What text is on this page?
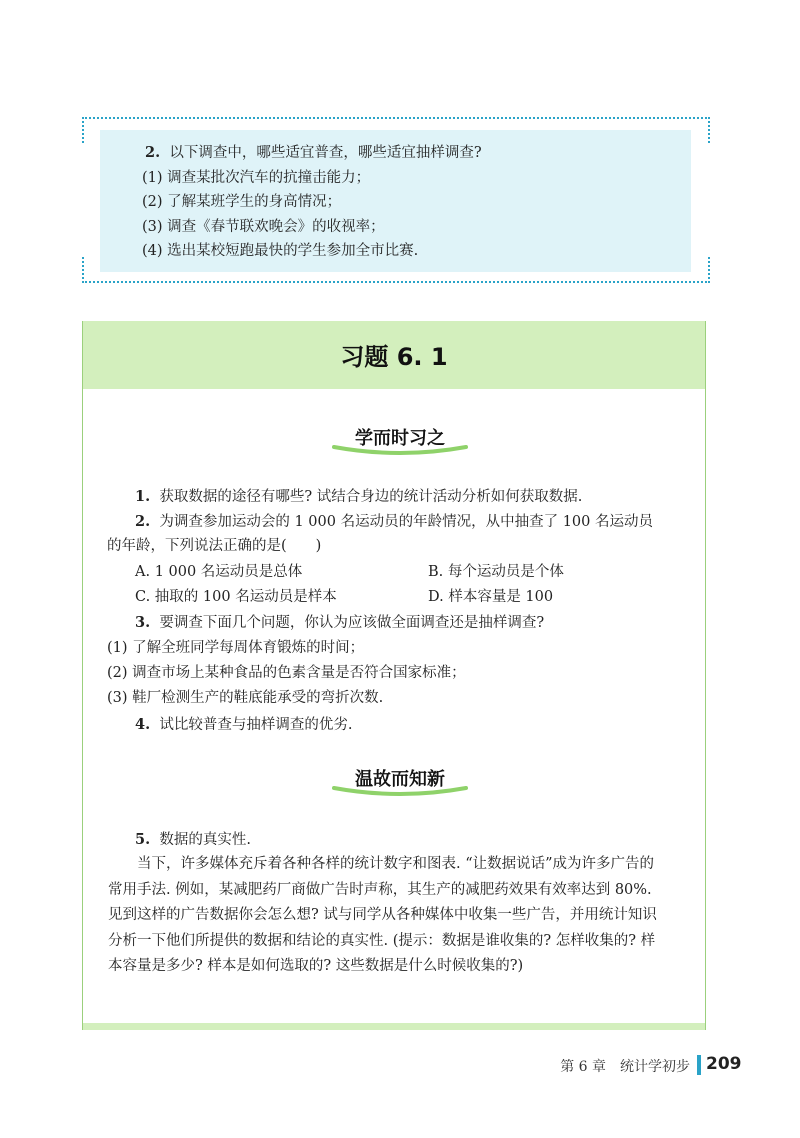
2. 以下调查中，哪些适宜普查，哪些适宜抽样调查?
(1) 调查某批次汽车的抗撞击能力；
(2) 了解某班学生的身高情况；
(3) 调查《春节联欢晚会》的收视率；
(4) 选出某校短跑最快的学生参加全市比赛.
习题 6. 1
学而时习之
1. 获取数据的途径有哪些? 试结合身边的统计活动分析如何获取数据.
2. 为调查参加运动会的 1 000 名运动员的年龄情况，从中抽查了 100 名运动员
的年龄，下列说法正确的是(　　)
A. 1 000 名运动员是总体	B. 每个运动员是个体
C. 抽取的 100 名运动员是样本	D. 样本容量是 100
3. 要调查下面几个问题，你认为应该做全面调查还是抽样调查?
(1) 了解全班同学每周体育锻炼的时间；
(2) 调查市场上某种食品的色素含量是否符合国家标准；
(3) 鞋厂检测生产的鞋底能承受的弯折次数.
4. 试比较普查与抽样调查的优劣.
温故而知新
5. 数据的真实性.

当下，许多媒体充斥着各种各样的统计数字和图表. “让数据说话”成为许多广告的常用手法. 例如，某减肥药厂商做广告时声称，其生产的减肥药效果有效率达到 80%. 见到这样的广告数据你会怎么想? 试与同学从各种媒体中收集一些广告，并用统计知识分析一下他们所提供的数据和结论的真实性. (提示：数据是谁收集的? 怎样收集的? 样本容量是多少? 样本是如何选取的? 这些数据是什么时候收集的?)

第 6 章　统计学初步 209
